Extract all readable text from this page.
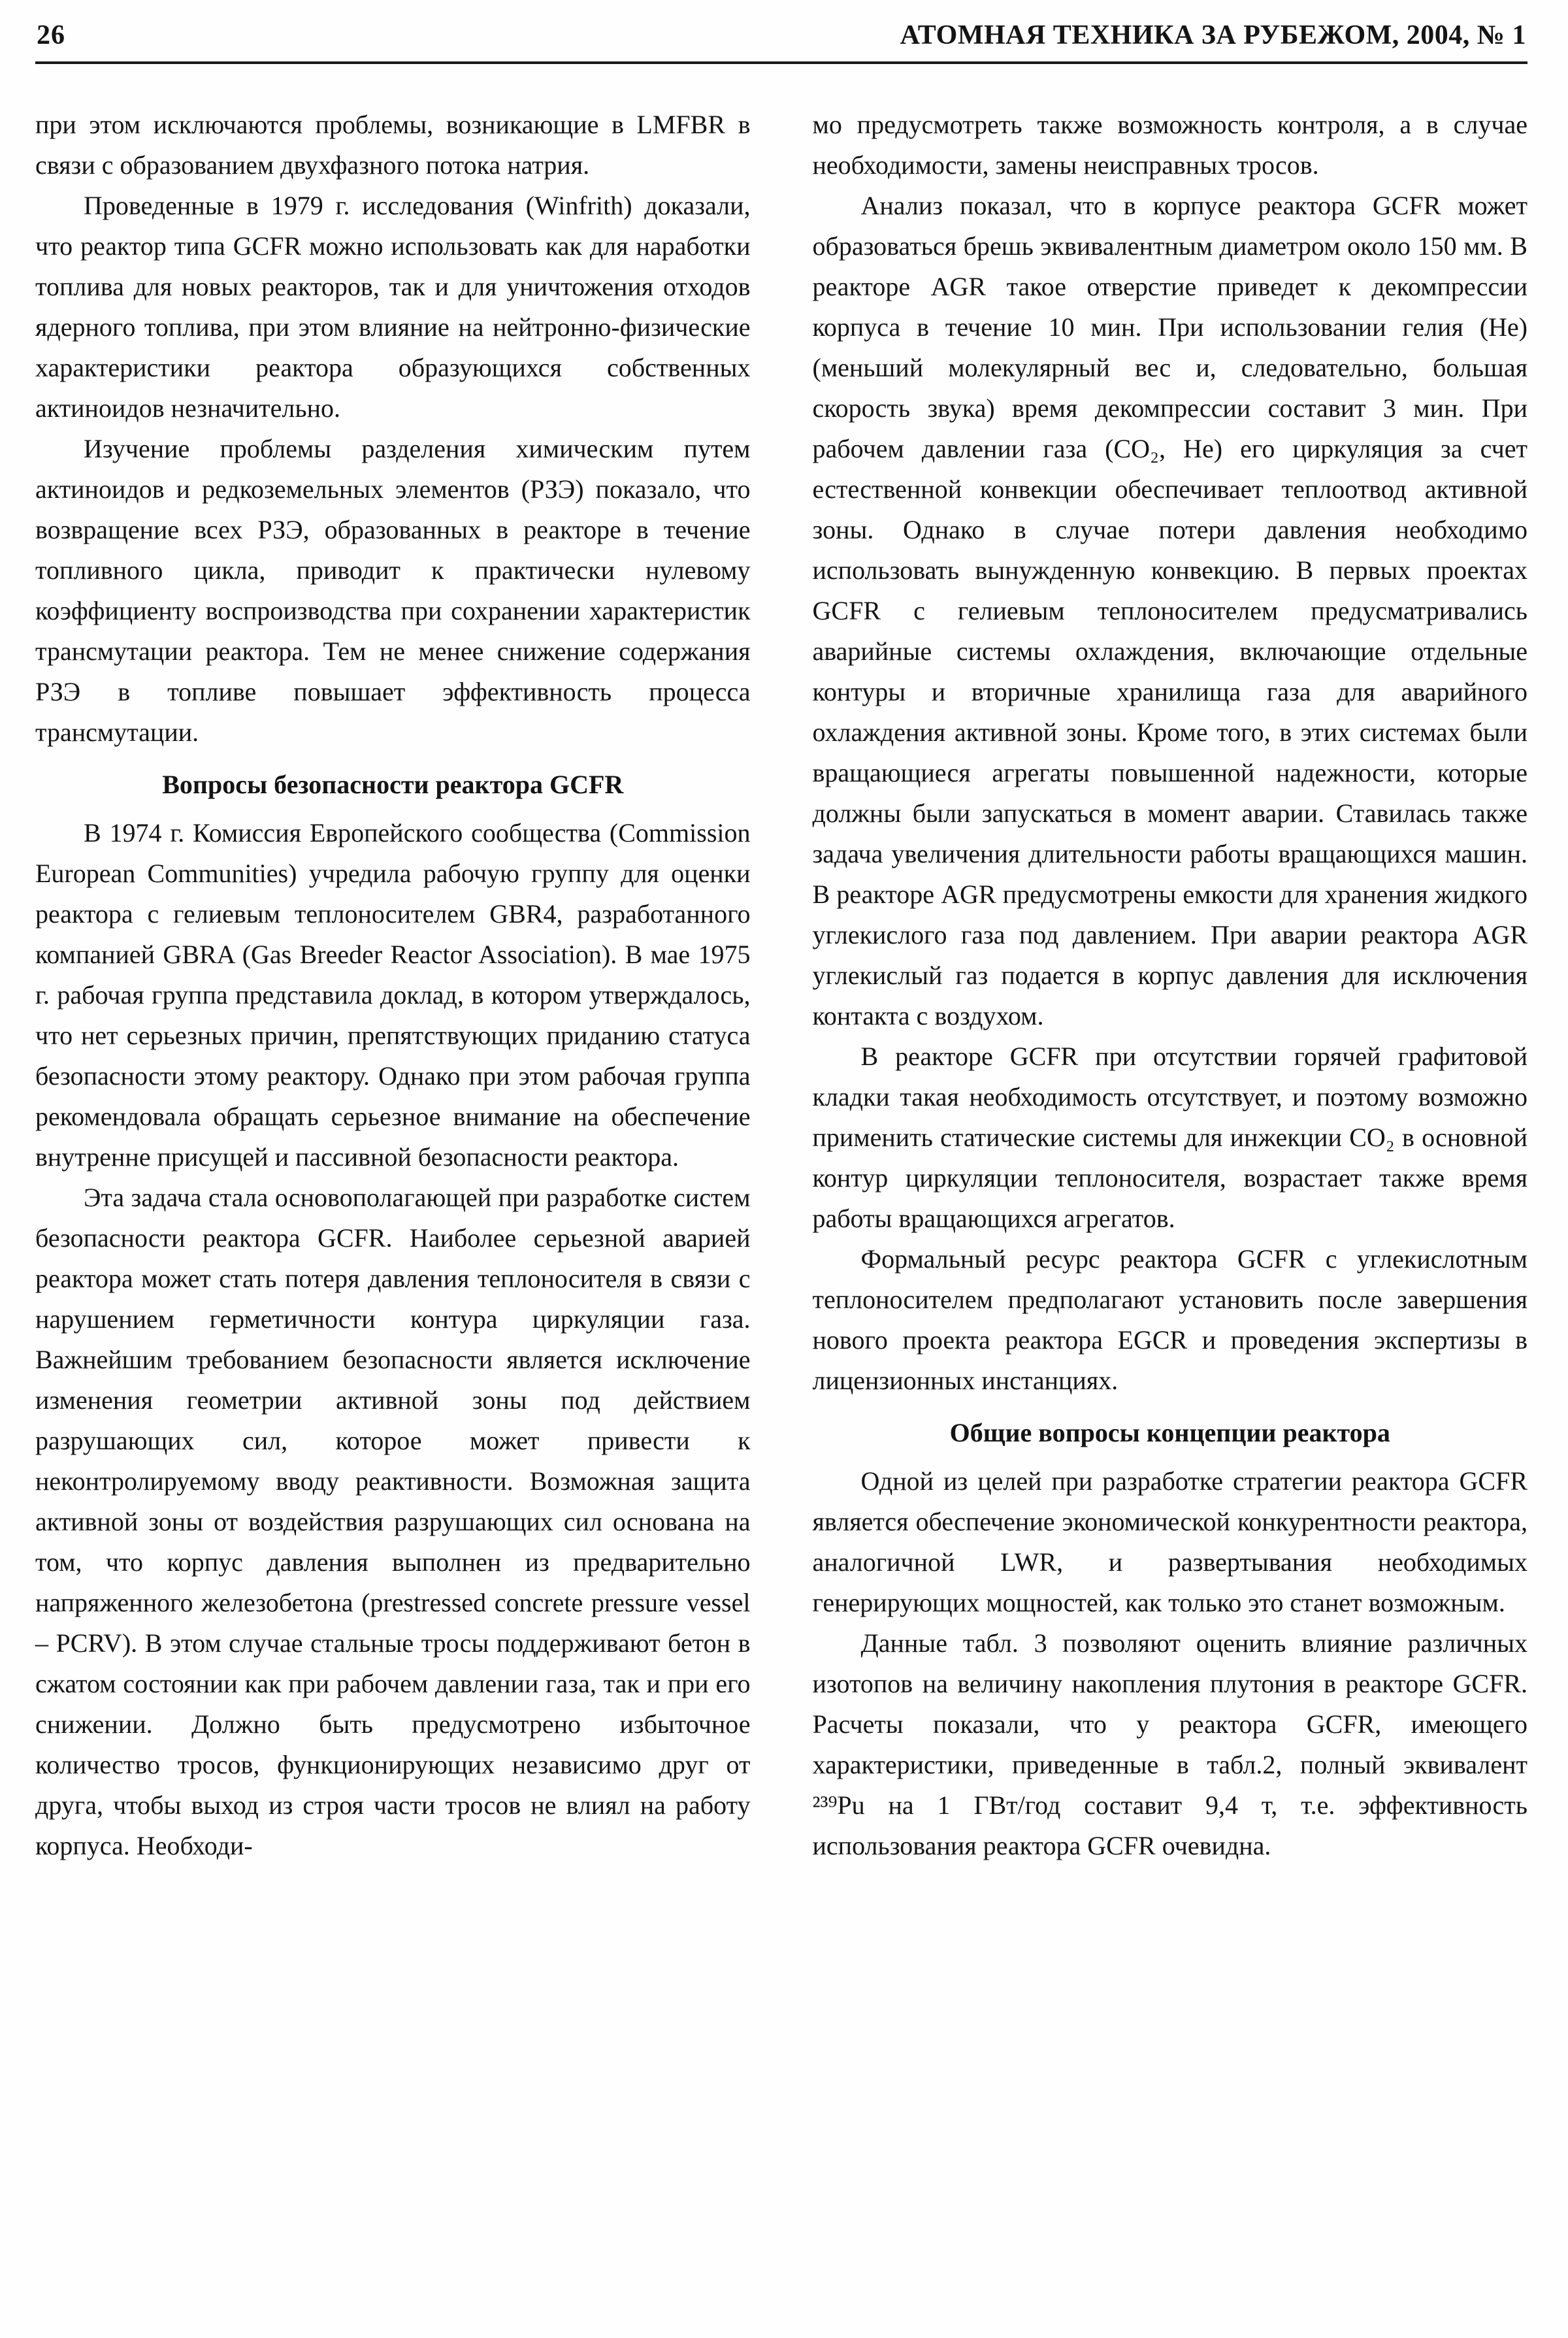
26	АТОМНАЯ ТЕХНИКА ЗА РУБЕЖОМ, 2004, № 1

при этом исключаются проблемы, возникающие в LMFBR в связи с образованием двухфазного потока натрия.

Проведенные в 1979 г. исследования (Winfrith) доказали, что реактор типа GCFR можно использовать как для наработки топлива для новых реакторов, так и для уничтожения отходов ядерного топлива, при этом влияние на нейтронно-физические характеристики реактора образующихся собственных актиноидов незначительно.

Изучение проблемы разделения химическим путем актиноидов и редкоземельных элементов (РЗЭ) показало, что возвращение всех РЗЭ, образованных в реакторе в течение топливного цикла, приводит к практически нулевому коэффициенту воспроизводства при сохранении характеристик трансмутации реактора. Тем не менее снижение содержания РЗЭ в топливе повышает эффективность процесса трансмутации.

Вопросы безопасности реактора GCFR

В 1974 г. Комиссия Европейского сообщества (Commission European Communities) учредила рабочую группу для оценки реактора с гелиевым теплоносителем GBR4, разработанного компанией GBRA (Gas Breeder Reactor Association). В мае 1975 г. рабочая группа представила доклад, в котором утверждалось, что нет серьезных причин, препятствующих приданию статуса безопасности этому реактору. Однако при этом рабочая группа рекомендовала обращать серьезное внимание на обеспечение внутренне присущей и пассивной безопасности реактора.

Эта задача стала основополагающей при разработке систем безопасности реактора GCFR. Наиболее серьезной аварией реактора может стать потеря давления теплоносителя в связи с нарушением герметичности контура циркуляции газа. Важнейшим требованием безопасности является исключение изменения геометрии активной зоны под действием разрушающих сил, которое может привести к неконтролируемому вводу реактивности. Возможная защита активной зоны от воздействия разрушающих сил основана на том, что корпус давления выполнен из предварительно напряженного железобетона (prestressed concrete pressure vessel – PCRV). В этом случае стальные тросы поддерживают бетон в сжатом состоянии как при рабочем давлении газа, так и при его снижении. Должно быть предусмотрено избыточное количество тросов, функционирующих независимо друг от друга, чтобы выход из строя части тросов не влиял на работу корпуса. Необходи-

мо предусмотреть также возможность контроля, а в случае необходимости, замены неисправных тросов.

Анализ показал, что в корпусе реактора GCFR может образоваться брешь эквивалентным диаметром около 150 мм. В реакторе AGR такое отверстие приведет к декомпрессии корпуса в течение 10 мин. При использовании гелия (He) (меньший молекулярный вес и, следовательно, большая скорость звука) время декомпрессии составит 3 мин. При рабочем давлении газа (CO₂, He) его циркуляция за счет естественной конвекции обеспечивает теплоотвод активной зоны. Однако в случае потери давления необходимо использовать вынужденную конвекцию. В первых проектах GCFR с гелиевым теплоносителем предусматривались аварийные системы охлаждения, включающие отдельные контуры и вторичные хранилища газа для аварийного охлаждения активной зоны. Кроме того, в этих системах были вращающиеся агрегаты повышенной надежности, которые должны были запускаться в момент аварии. Ставилась также задача увеличения длительности работы вращающихся машин. В реакторе AGR предусмотрены емкости для хранения жидкого углекислого газа под давлением. При аварии реактора AGR углекислый газ подается в корпус давления для исключения контакта с воздухом.

В реакторе GCFR при отсутствии горячей графитовой кладки такая необходимость отсутствует, и поэтому возможно применить статические системы для инжекции CO₂ в основной контур циркуляции теплоносителя, возрастает также время работы вращающихся агрегатов.

Формальный ресурс реактора GCFR с углекислотным теплоносителем предполагают установить после завершения нового проекта реактора EGCR и проведения экспертизы в лицензионных инстанциях.

Общие вопросы концепции реактора

Одной из целей при разработке стратегии реактора GCFR является обеспечение экономической конкурентности реактора, аналогичной LWR, и развертывания необходимых генерирующих мощностей, как только это станет возможным.

Данные табл. 3 позволяют оценить влияние различных изотопов на величину накопления плутония в реакторе GCFR. Расчеты показали, что у реактора GCFR, имеющего характеристики, приведенные в табл.2, полный эквивалент ²³⁹Pu на 1 ГВт/год составит 9,4 т, т.е. эффективность использования реактора GCFR очевидна.
